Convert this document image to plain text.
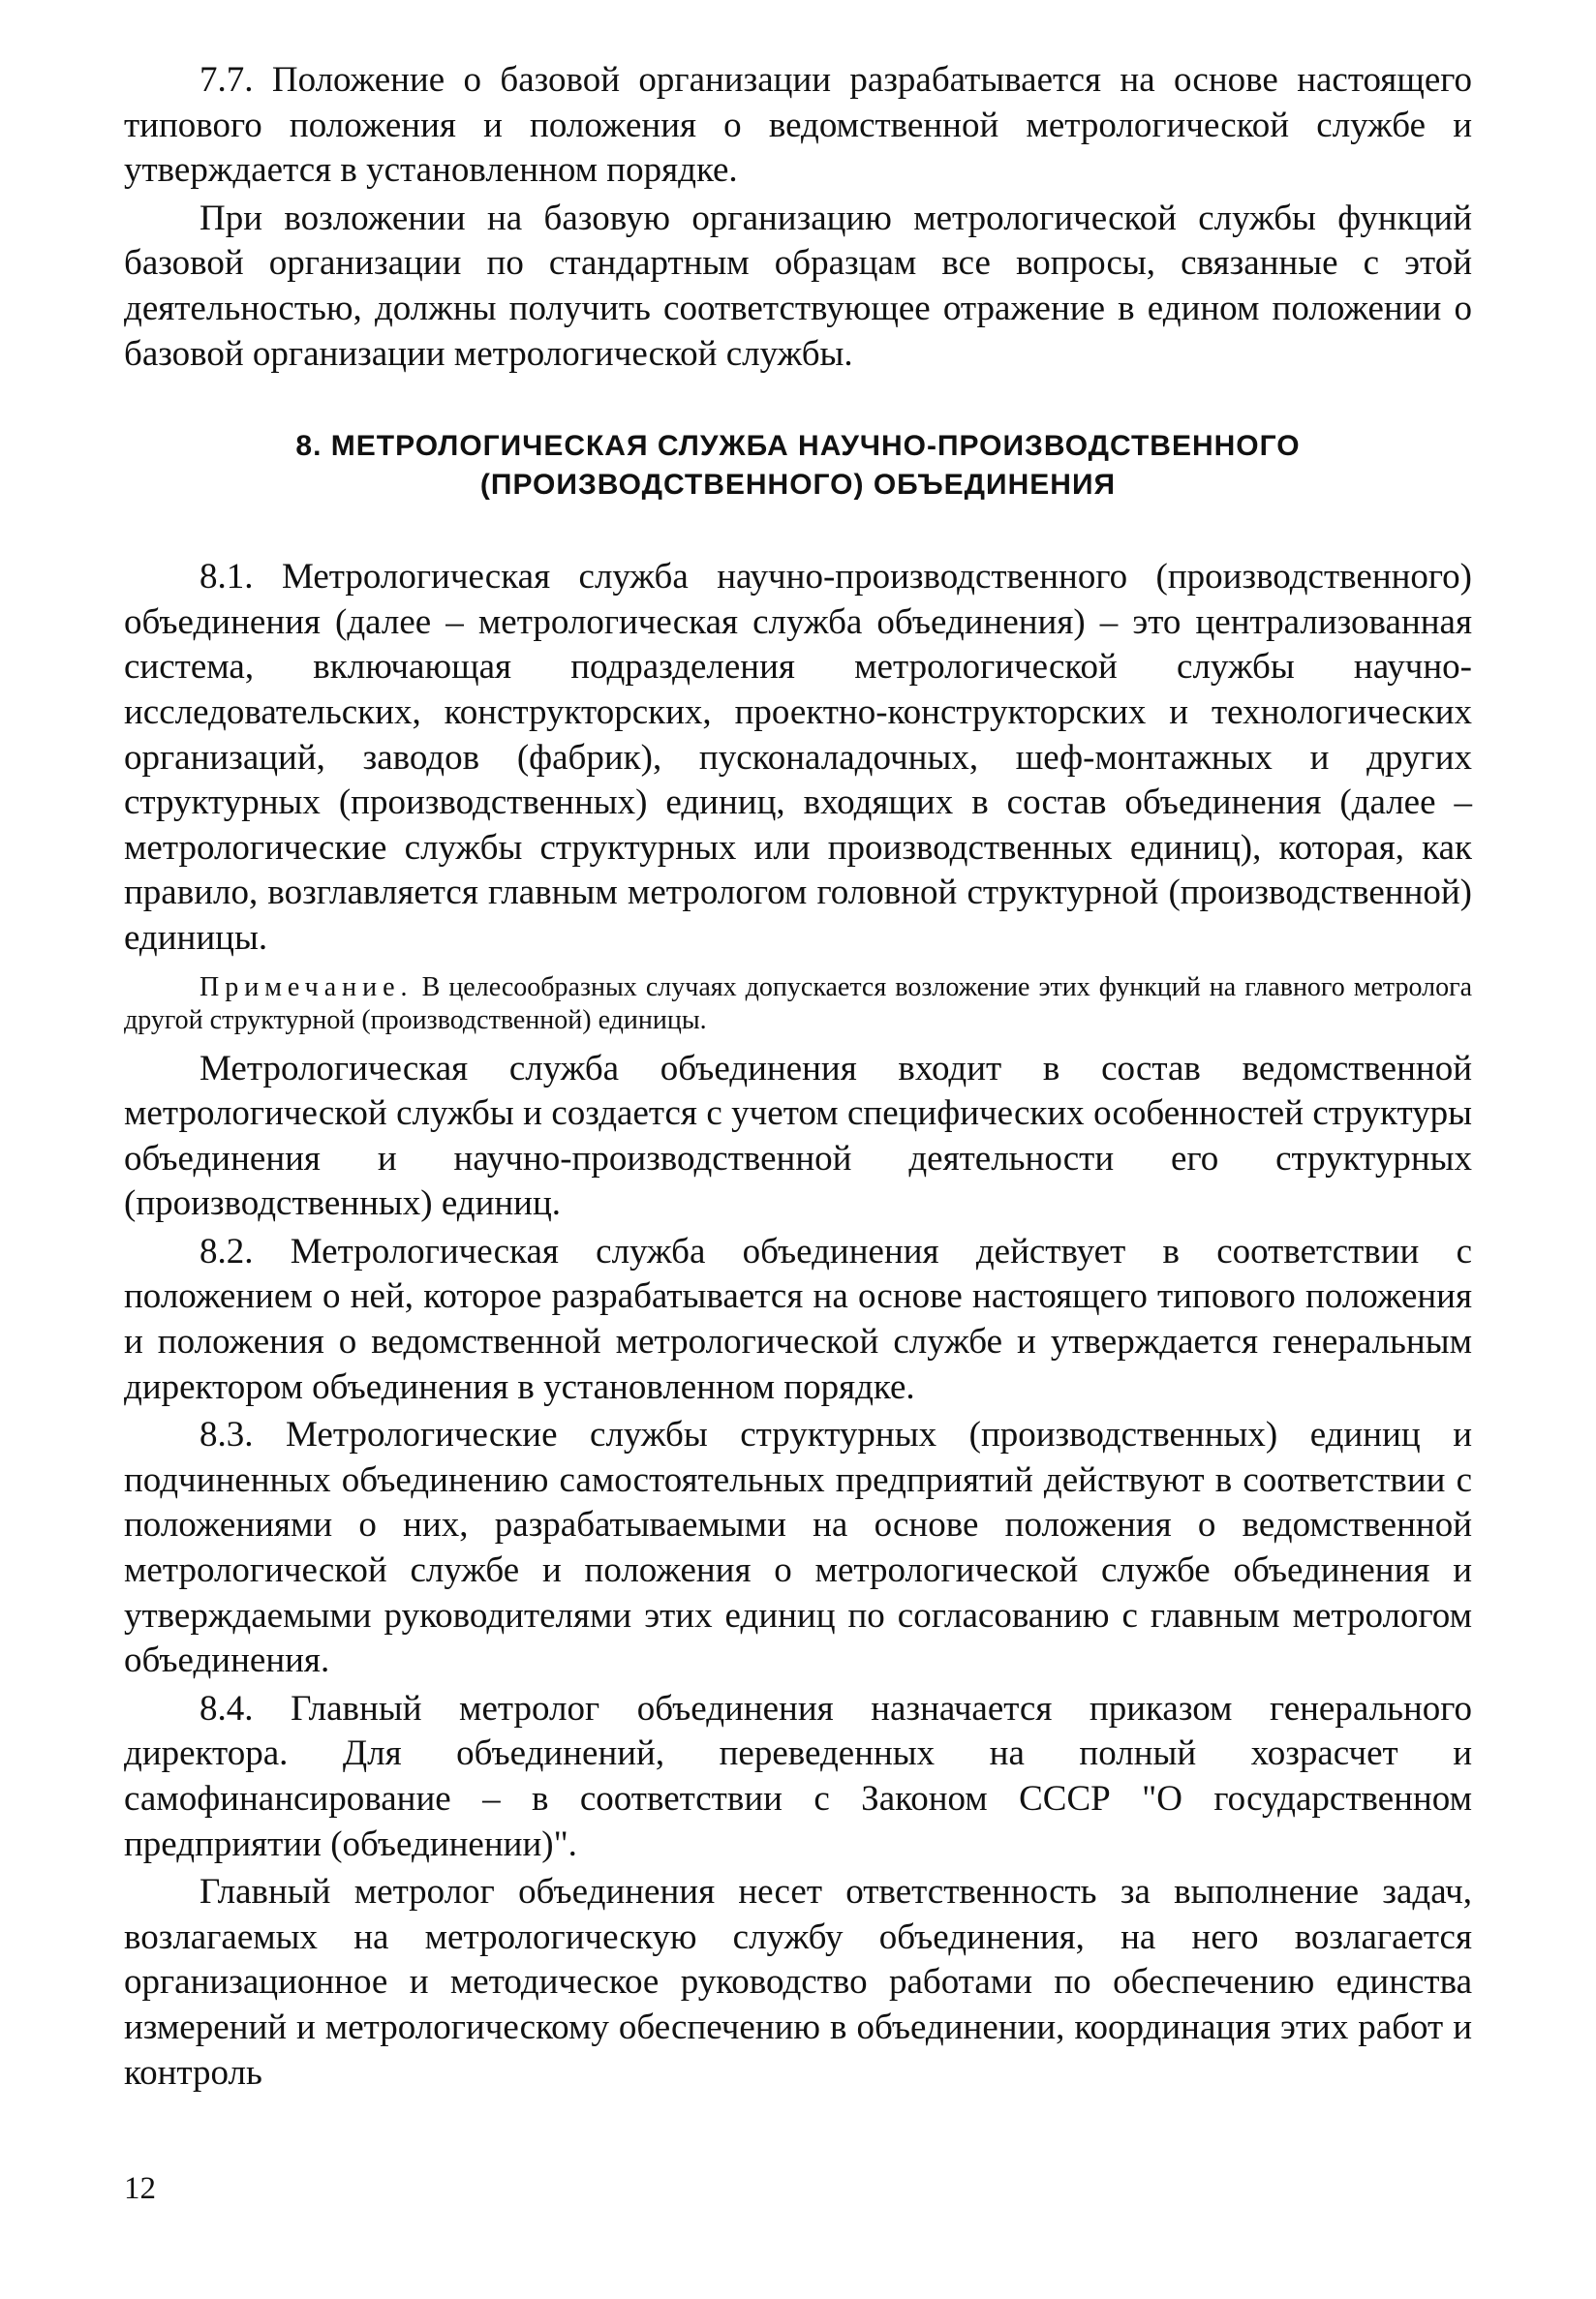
7.7. Положение о базовой организации разрабатывается на основе настоящего типового положения и положения о ведомственной метрологической службе и утверждается в установленном порядке.

При возложении на базовую организацию метрологической службы функций базовой организации по стандартным образцам все вопросы, связанные с этой деятельностью, должны получить соответствующее отражение в едином положении о базовой организации метрологической службы.

8. МЕТРОЛОГИЧЕСКАЯ СЛУЖБА НАУЧНО-ПРОИЗВОДСТВЕННОГО

(ПРОИЗВОДСТВЕННОГО) ОБЪЕДИНЕНИЯ

8.1. Метрологическая служба научно-производственного (производственного) объединения (далее – метрологическая служба объединения) – это централизованная система, включающая подразделения метрологической службы научно-исследовательских, конструкторских, проектно-конструкторских и технологических организаций, заводов (фабрик), пусконаладочных, шеф-монтажных и других структурных (производственных) единиц, входящих в состав объединения (далее – метрологические службы структурных или производственных единиц), которая, как правило, возглавляется главным метрологом головной структурной (производственной) единицы.

Примечание. В целесообразных случаях допускается возложение этих функций на главного метролога другой структурной (производственной) единицы.

Метрологическая служба объединения входит в состав ведомственной метрологической службы и создается с учетом специфических особенностей структуры объединения и научно-производственной деятельности его структурных (производственных) единиц.

8.2. Метрологическая служба объединения действует в соответствии с положением о ней, которое разрабатывается на основе настоящего типового положения и положения о ведомственной метрологической службе и утверждается генеральным директором объединения в установленном порядке.

8.3. Метрологические службы структурных (производственных) единиц и подчиненных объединению самостоятельных предприятий действуют в соответствии с положениями о них, разрабатываемыми на основе положения о ведомственной метрологической службе и положения о метрологической службе объединения и утверждаемыми руководителями этих единиц по согласованию с главным метрологом объединения.

8.4. Главный метролог объединения назначается приказом генерального директора. Для объединений, переведенных на полный хозрасчет и самофинансирование – в соответствии с Законом СССР "О государственном предприятии (объединении)".

Главный метролог объединения несет ответственность за выполнение задач, возлагаемых на метрологическую службу объединения, на него возлагается организационное и методическое руководство работами по обеспечению единства измерений и метрологическому обеспечению в объединении, координация этих работ и контроль

12
